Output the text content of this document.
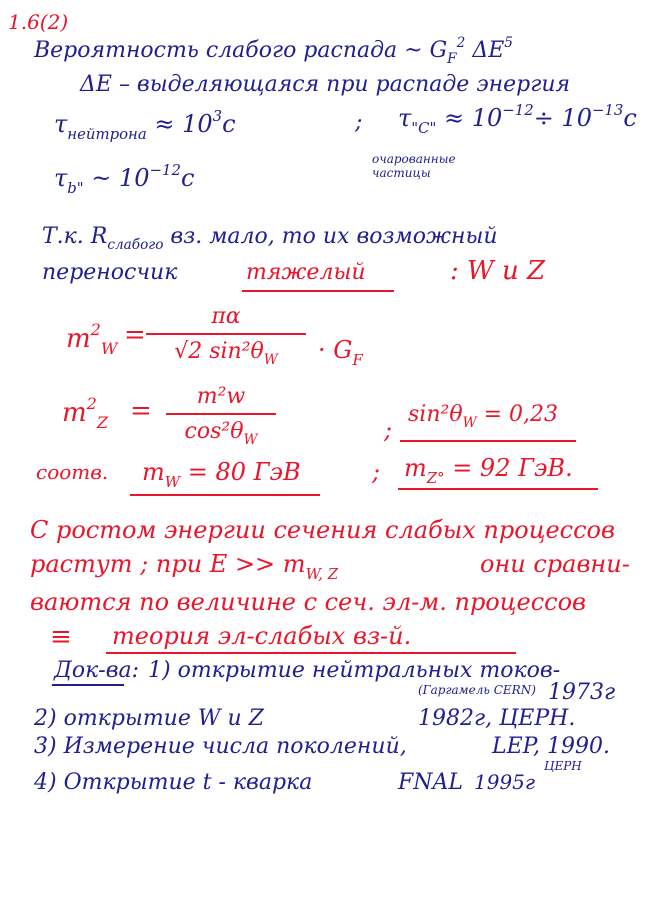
1.6(2)
Вероятность слабого распада ~ $G_F^2$ $\Delta E^5$
ΔE – выделяющаяся при распаде энергия
$\tau_{нейтрона} \approx 10^3c$	; $\tau_{"C"} \approx 10^{-12}\div 10^{-13}c$
очарованные частицы
$\tau_{b"}$ ~ $10^{-12}c$
Т.к. $R_{слабого}$ вз. мало, то их возможный
переносчик	тяжелый	: W и Z
$m^2_W$ =
πα
√2 $\sin^2\theta_W$	· $G_F$
$m^2_Z$ =	m²w
$\cos^2\theta_W$	;
$\sin^2\theta_W = 0,23$
соотв. $m_W = 80$ ГэВ	; $m_{Z^\circ} = 92$ ГэВ.
С ростом энергии сечения слабых процессов
растут ; при $E >> m_{W, Z}$	они сравни-
ваются по величине с сеч. эл-м. процессов
≡ теория эл-слабых вз-й.
Док-ва: 1) открытие нейтральных токов-
(Гаргамель CERN) 1973г
2) открытие W и Z	1982г, ЦЕРН.
3) Измерение числа поколений,	LEP, 1990.
ЦЕРН
4) Открытие t - кварка	FNAL 1995г
